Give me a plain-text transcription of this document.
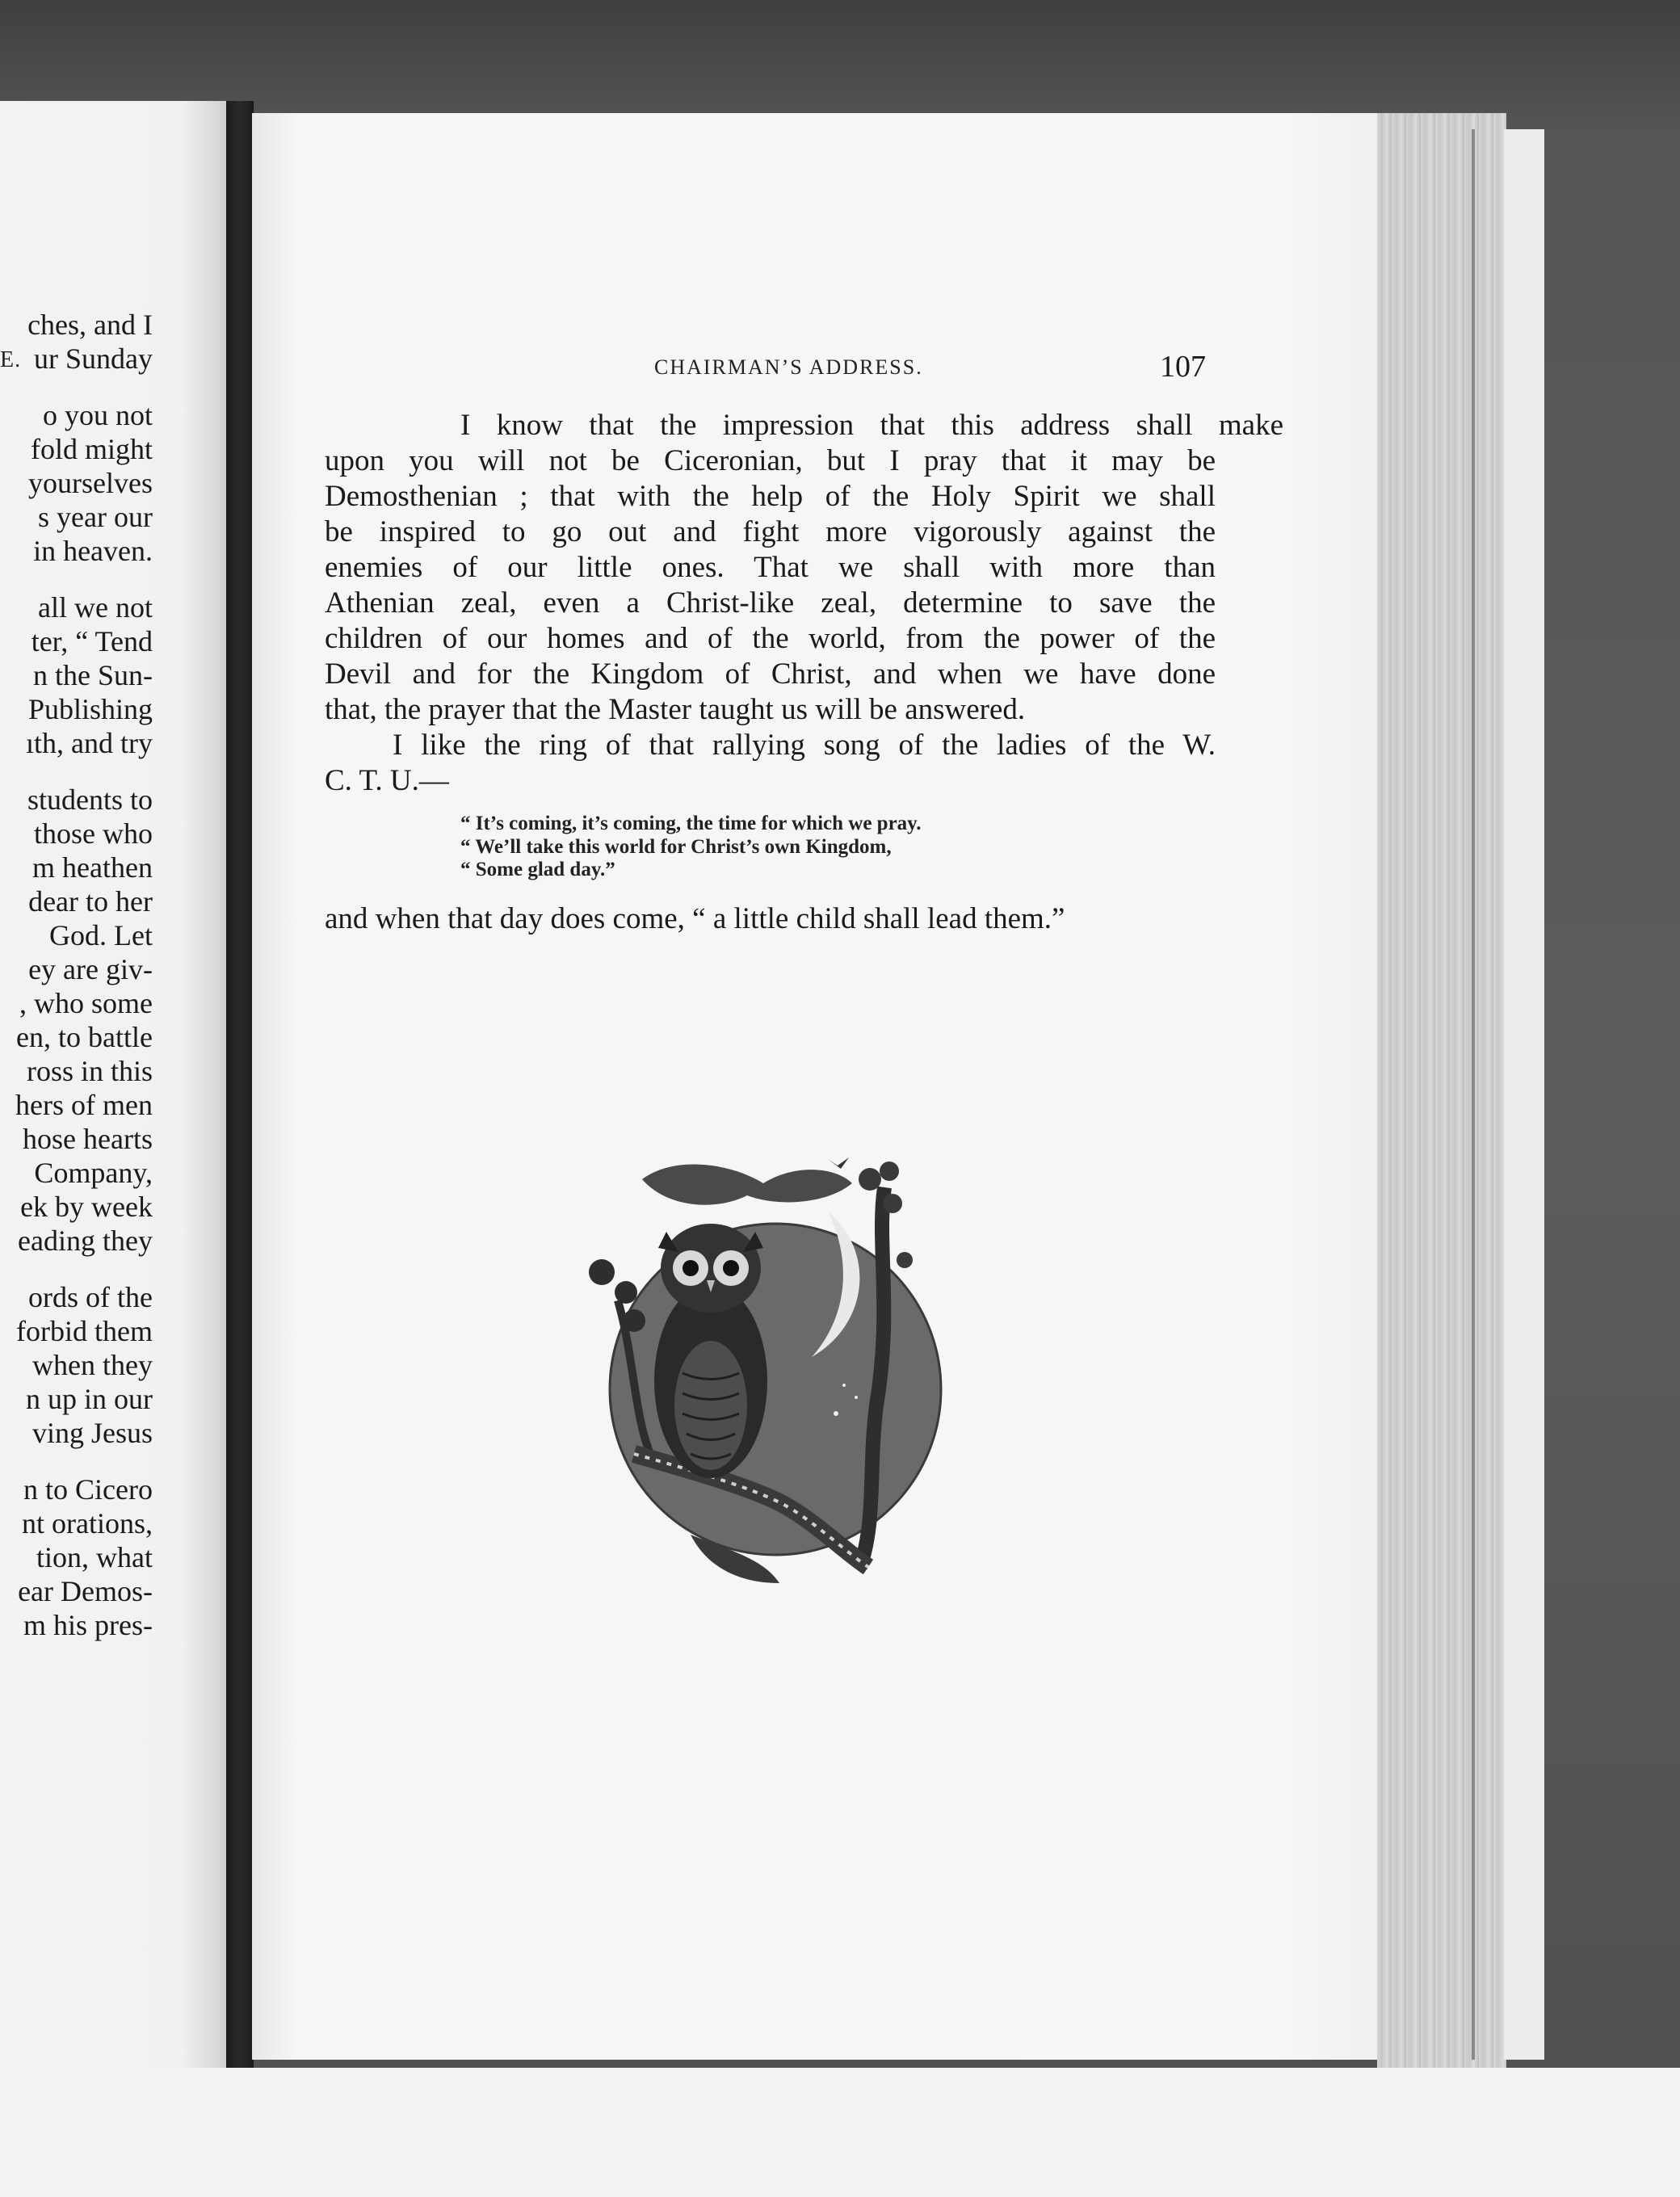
E.
ches, and I
ur Sunday
o you not
fold might
yourselves
s year our
in heaven.
all we not
ter, “ Tend
n the Sun-
Publishing
ıth, and try
students to
those who
m heathen
dear to her
God. Let
ey are giv-
, who some
en, to battle
ross in this
hers of men
hose hearts
Company,
ek by week
eading they
ords of the
forbid them
when they
n up in our
ving Jesus
n to Cicero
nt orations,
tion, what
ear Demos-
m his pres-
CHAIRMAN’S ADDRESS.	107
I know that the impression that this address shall make
upon you will not be Ciceronian, but I pray that it may be
Demosthenian ; that with the help of the Holy Spirit we shall
be inspired to go out and fight more vigorously against the
enemies of our little ones. That we shall with more than
Athenian zeal, even a Christ-like zeal, determine to save the
children of our homes and of the world, from the power of the
Devil and for the Kingdom of Christ, and when we have done
that, the prayer that the Master taught us will be answered.
I like the ring of that rallying song of the ladies of the W.
C. T. U.—
“ It’s coming, it’s coming, the time for which we pray.
“ We’ll take this world for Christ’s own Kingdom,
“ Some glad day.”
and when that day does come, “ a little child shall lead them.”
